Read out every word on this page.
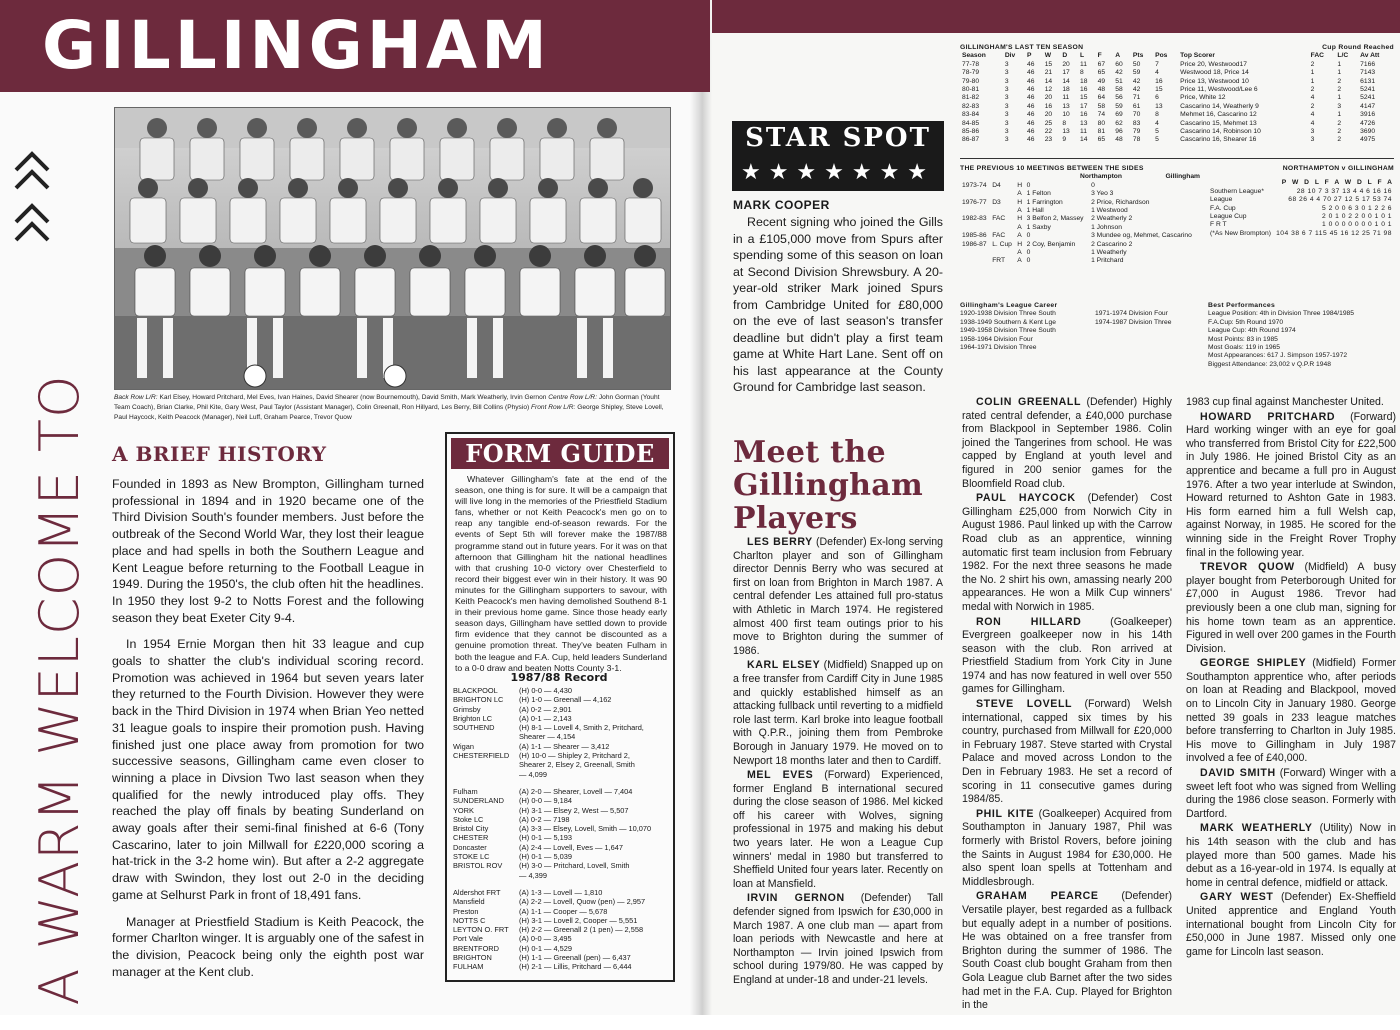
GILLINGHAM
A WARM WELCOME TO	Back Row L/R: Karl Elsey, Howard Pritchard, Mel Eves, Ivan Haines, David Shearer (now Bournemouth), David Smith, Mark Weatherly, Irvin Gernon Centre Row L/R: John Gorman (Youht Team Coach), Brian Clarke, Phil Kite, Gary West, Paul Taylor (Assistant Manager), Colin Greenall, Ron Hillyard, Les Berry, Bill Collins (Physio) Front Row L/R: George Shipley, Steve Lovell, Paul Haycock, Keith Peacock (Manager), Neil Luff, Graham Pearce, Trevor Quow
A BRIEF HISTORY

Founded in 1893 as New Brompton, Gillingham turned professional in 1894 and in 1920 became one of the Third Division South's founder members. Just before the outbreak of the Second World War, they lost their league place and had spells in both the Southern League and Kent League before returning to the Football League in 1949. During the 1950's, the club often hit the headlines. In 1950 they lost 9-2 to Notts Forest and the following season they beat Exeter City 9-4.

In 1954 Ernie Morgan then hit 33 league and cup goals to shatter the club's individual scoring record. Promotion was achieved in 1964 but seven years later they returned to the Fourth Division. However they were back in the Third Division in 1974 when Brian Yeo netted 31 league goals to inspire their promotion push. Having finished just one place away from promotion for two successive seasons, Gillingham came even closer to winning a place in Divsion Two last season when they qualified for the newly introduced play offs. They reached the play off finals by beating Sunderland on away goals after their semi-final finished at 6-6 (Tony Cascarino, later to join Millwall for £220,000 scoring a hat-trick in the 3-2 home win). But after a 2-2 aggregate draw with Swindon, they lost out 2-0 in the deciding game at Selhurst Park in front of 18,491 fans.

Manager at Priestfield Stadium is Keith Peacock, the former Charlton winger. It is arguably one of the safest in the division, Peacock being only the eighth post war manager at the Kent club.

FORM GUIDE
Whatever Gillingham's fate at the end of the season, one thing is for sure. It will be a campaign that will live long in the memories of the Priestfield Stadium fans, whether or not Keith Peacock's men go on to reap any tangible end-of-season rewards. For the events of Sept 5th will forever make the 1987/88 programme stand out in future years. For it was on that afternoon that Gillingham hit the national headlines with that crushing 10-0 victory over Chesterfield to record their biggest ever win in their history. It was 90 minutes for the Gillingham supporters to savour, with Keith Peacock's men having demolished Southend 8-1 in their previous home game. Since those heady early season days, Gillingham have settled down to provide firm evidence that they cannot be discounted as a genuine promotion threat. They've beaten Fulham in both the league and F.A. Cup, held leaders Sunderland to a 0-0 draw and beaten Notts County 3-1.
1987/88 Record
BLACKPOOL	(H) 0-0 — 4,430
BRIGHTON LC	(H) 1-0 — Greenall — 4,162
Grimsby	(A) 0-2 — 2,901
Brighton LC	(A) 0-1 — 2,143
SOUTHEND	(H) 8-1 — Lovell 4, Smith 2, Pritchard,
Shearer — 4,154
Wigan	(A) 1-1 — Shearer — 3,412
CHESTERFIELD	(H) 10-0 — Shipley 2, Pritchard 2,
Shearer 2, Elsey 2, Greenall, Smith
— 4,099
Fulham	(A) 2-0 — Shearer, Lovell — 7,404
SUNDERLAND	(H) 0-0 — 9,184
YORK	(H) 3-1 — Elsey 2, West — 5,507
Stoke LC	(A) 0-2 — 7198
Bristol City	(A) 3-3 — Elsey, Lovell, Smith — 10,070
CHESTER	(H) 0-1 — 5,193
Doncaster	(A) 2-4 — Lovell, Eves — 1,647
STOKE LC	(H) 0-1 — 5,039
BRISTOL ROV	(H) 3-0 — Pritchard, Lovell, Smith
— 4,399
Aldershot FRT	(A) 1-3 — Lovell — 1,810
Mansfield	(A) 2-2 — Lovell, Quow (pen) — 2,957
Preston	(A) 1-1 — Cooper — 5,678
NOTTS C	(H) 3-1 — Lovell 2, Cooper — 5,551
LEYTON O. FRT	(H) 2-2 — Greenall 2 (1 pen) — 2,558
Port Vale	(A) 0-0 — 3,495
BRENTFORD	(H) 0-1 — 4,529
BRIGHTON	(H) 1-1 — Greenall (pen) — 6,437
FULHAM	(H) 2-1 — Lillis, Pritchard — 6,444
STAR SPOT
★★★★★★★
MARK COOPER
Recent signing who joined the Gills in a £105,000 move from Spurs after spending some of this season on loan at Second Division Shrewsbury. A 20-year-old striker Mark joined Spurs from Cambridge United for £80,000 on the eve of last season's transfer deadline but didn't play a first team game at White Hart Lane. Sent off on his last appearance at the County Ground for Cambridge last season.
Meet the Gillingham Players

LES BERRY (Defender) Ex-long serving Charlton player and son of Gillingham director Dennis Berry who was secured at first on loan from Brighton in March 1987. A central defender Les attained full pro-status with Athletic in March 1974. He registered almost 400 first team outings prior to his move to Brighton during the summer of 1986.

KARL ELSEY (Midfield) Snapped up on a free transfer from Cardiff City in June 1985 and quickly established himself as an attacking fullback until reverting to a midfield role last term. Karl broke into league football with Q.P.R., joining them from Pembroke Borough in January 1979. He moved on to Newport 18 months later and then to Cardiff.

MEL EVES (Forward) Experienced, former England B international secured during the close season of 1986. Mel kicked off his career with Wolves, signing professional in 1975 and making his debut two years later. He won a League Cup winners' medal in 1980 but transferred to Sheffield United four years later. Recently on loan at Mansfield.

IRVIN GERNON (Defender) Tall defender signed from Ipswich for £30,000 in March 1987. A one club man — apart from loan periods with Newcastle and here at Northampton — Irvin joined Ipswich from school during 1979/80. He was capped by England at under-18 and under-21 levels.

COLIN GREENALL (Defender) Highly rated central defender, a £40,000 purchase from Blackpool in September 1986. Colin joined the Tangerines from school. He was capped by England at youth level and figured in 200 senior games for the Bloomfield Road club.

PAUL HAYCOCK (Defender) Cost Gillingham £25,000 from Norwich City in August 1986. Paul linked up with the Carrow Road club as an apprentice, winning automatic first team inclusion from February 1982. For the next three seasons he made the No. 2 shirt his own, amassing nearly 200 appearances. He won a Milk Cup winners' medal with Norwich in 1985.

RON HILLARD	(Goalkeeper) Evergreen goalkeeper now in his 14th season with the club. Ron arrived at Priestfield Stadium from York City in June 1974 and has now featured in well over 550 games for Gillingham.

STEVE LOVELL (Forward) Welsh international, capped six times by his country, purchased from Millwall for £20,000 in February 1987. Steve started with Crystal Palace and moved across London to the Den in February 1983. He set a record of scoring in 11 consecutive games during 1984/85.

PHIL KITE (Goalkeeper) Acquired from Southampton in January 1987, Phil was formerly with Bristol Rovers, before joining the Saints in August 1984 for £30,000. He also spent loan spells at Tottenham and Middlesbrough.

GRAHAM PEARCE (Defender) Versatile player, best regarded as a fullback but equally adept in a number of positions. He was obtained on a free transfer from Brighton during the summer of 1986. The South Coast club bought Graham from then Gola League club Barnet after the two sides had met in the F.A. Cup. Played for Brighton in the

1983 cup final against Manchester United.

HOWARD PRITCHARD (Forward) Hard working winger with an eye for goal who transferred from Bristol City for £22,500 in July 1986. He joined Bristol City as an apprentice and became a full pro in August 1976. After a two year interlude at Swindon, Howard returned to Ashton Gate in 1983. His form earned him a full Welsh cap, against Norway, in 1985. He scored for the winning side in the Freight Rover Trophy final in the following year.

TREVOR QUOW (Midfield) A busy player bought from Peterborough United for £7,000 in August 1986. Trevor had previously been a one club man, signing for his home town team as an apprentice. Figured in well over 200 games in the Fourth Division.

GEORGE SHIPLEY (Midfield) Former Southampton apprentice who, after periods on loan at Reading and Blackpool, moved on to Lincoln City in January 1980. George netted 39 goals in 233 league matches before transferring to Charlton in July 1985. His move to Gillingham in July 1987 involved a fee of £40,000.

DAVID SMITH (Forward) Winger with a sweet left foot who was signed from Welling during the 1986 close season. Formerly with Dartford.

MARK WEATHERLY (Utility) Now in his 14th season with the club and has played more than 500 games. Made his debut as a 16-year-old in 1974. Is equally at home in central defence, midfield or attack.

GARY WEST (Defender) Ex-Sheffield United apprentice and England Youth international bought from Lincoln City for £50,000 in June 1987. Missed only one game for Lincoln last season.

GILLINGHAM'S LAST TEN SEASON	Cup Round Reached
Season	Div	P	W	D	L	F	A	Pts	Pos	Top Scorer	FAC	L/C	Av Att
77-78	3	46	15	20	11	67	60	50	7	Price 20, Westwood17	2	1	7166
78-79	3	46	21	17	8	65	42	59	4	Westwood 18, Price 14	1	1	7143
79-80	3	46	14	14	18	49	51	42	16	Price 13, Westwood 10	1	2	6131
80-81	3	46	12	18	16	48	58	42	15	Price 11, Westwood/Lee 6	2	2	5241
81-82	3	46	20	11	15	64	56	71	6	Price, White 12	4	1	5241
82-83	3	46	16	13	17	58	59	61	13	Cascarino 14, Weatherly 9	2	3	4147
83-84	3	46	20	10	16	74	69	70	8	Mehmet 16, Cascarino 12	4	1	3916
84-85	3	46	25	8	13	80	62	83	4	Cascarino 15, Mehmet 13	4	2	4726
85-86	3	46	22	13	11	81	96	79	5	Cascarino 14, Robinson 10	3	2	3690
86-87	3	46	23	9	14	65	48	78	5	Cascarino 16, Shearer 16	3	2	4975
THE PREVIOUS 10 MEETINGS BETWEEN THE SIDES
Northampton	Gillingham
1973-74	D4	H	0	0
		A	1 Felton	3 Yeo 3
1976-77	D3	H	1 Farrington	2 Price, Richardson
		A	1 Hall	1 Westwood
1982-83	FAC	H	3 Belfon 2, Massey	2 Weatherly 2
		A	1 Saxby	1 Johnson
1985-86	FAC	A	0	3 Mundee og, Mehmet, Cascarino
1986-87	L. Cup	H	2 Coy, Benjamin	2 Cascarino 2
		A	0	1 Weatherly
	FRT	A	0	1 Pritchard
NORTHAMPTON v GILLINGHAM
P W D L F A W D L F A
Southern League*	28 10 7 3 37 13 4 4 6 16 16
League	68 26 4 4 70 27 12 5 17 53 74
F.A. Cup	5 2 0 0 6 3 0 1 2 2 6
League Cup	2 0 1 0 2 2 0 0 1 0 1
F R T	1 0 0 0 0 0 0 0 1 0 1
(*As New Brompton)	104 38 6 7 115 45 16 12 25 71 98
Gillingham's League Career
1920-1938 Division Three South
1938-1949 Southern & Kent Lge
1949-1958 Division Three South
1958-1964 Division Four
1964-1971 Division Three
1971-1974 Division Four
1974-1987 Division Three
Best Performances
League Position: 4th in Division Three 1984/1985
F.A.Cup: 5th Round 1970
League Cup: 4th Round 1974
Most Points: 83 in 1985
Most Goals: 119 in 1965
Most Appearances: 617 J. Simpson 1957-1972
Biggest Attendance: 23,002 v Q.P.R 1948
